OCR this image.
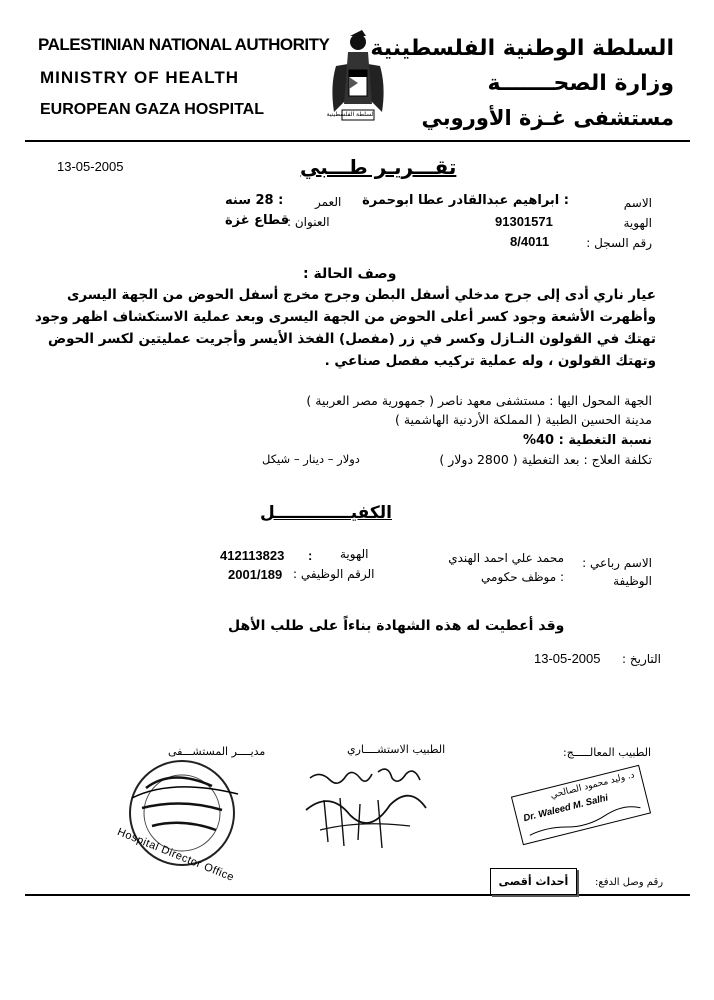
PALESTINIAN NATIONAL AUTHORITY
MINISTRY OF HEALTH
EUROPEAN GAZA HOSPITAL
السلطة الوطنية الفلسطينية
وزارة الصحـــــــة
مستشفى غـزة الأوروبي
السلطة الفلسطينية
13-05-2005	تقـــريـر طـــبي
الاسم
: ابراهيم عبدالقادر عطا ابوحمرة
الهوية
91301571
رقم السجل :
8/4011
العمر
: 28 سنه
العنوان :
قطاع غزة
وصف الحالة :
عيار ناري أدى إلى جرح مدخلي أسفل البطن وجرح مخرج أسفل الحوض من الجهة اليسرى
وأظهرت الأشعة وجود كسر أعلى الحوض من الجهة اليسرى وبعد عملية الاستكشاف اظهر وجود
تهتك في القولون النـازل وكسر في زر (مفصل) الفخذ الأيسر وأجريت عمليتين لكسر الحوض
وتهتك القولون ، وله عملية تركيب مفصل صناعي .
الجهة المحول اليها : مستشفى معهد ناصر ( جمهورية مصر العربية )
مدينة الحسين الطبية ( المملكة الأردنية الهاشمية )
نسبة التغطية : 40%
تكلفة العلاج : بعد التغطية ( 2800 دولار )
دولار – دينار – شيكل
الكفيـــــــــــــل
الاسم رباعي :
محمد علي احمد الهندي
الوظيفة
: موظف حكومي
الهوية
412113823 :
الرقم الوظيفي :
2001/189
وقد أعطيت له هذه الشهادة بناءاً على طلب الأهل
التاريخ :
13-05-2005
الطبيب المعالـــــج:
الطبيب الاستشــــاري
مديــــر المستشـــفى
د. وليد محمود الصالحي
Dr. Waleed M. Salhi
Hospital Director Office	رقم وصل الدفع:
أحداث أقصى
